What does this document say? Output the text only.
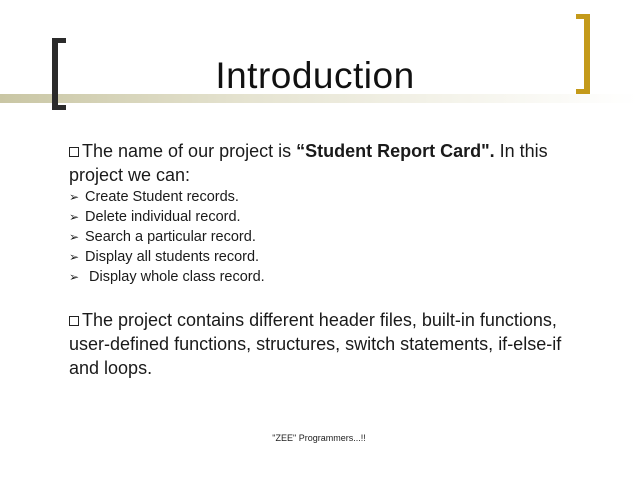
Introduction

The name of our project is “Student Report Card". In this project we can:

➢ Create Student records.
➢ Delete individual record.
➢ Search a particular record.
➢ Display all students record.
➢ Display whole class record.

The project contains different header files, built-in functions, user-defined functions, structures, switch statements, if-else-if and loops.

"ZEE" Programmers...!!
